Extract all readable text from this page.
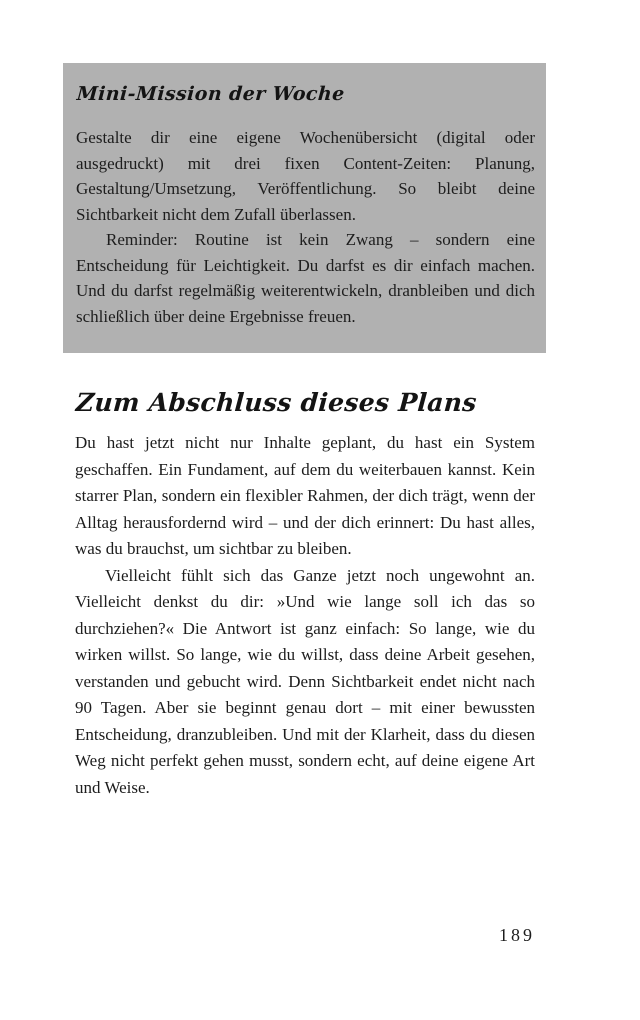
Mini-Mission der Woche

Gestalte dir eine eigene Wochenübersicht (digital oder ausgedruckt) mit drei fixen Content-Zeiten: Planung, Gestaltung/Umsetzung, Veröffentlichung. So bleibt deine Sichtbarkeit nicht dem Zufall überlassen.

Reminder: Routine ist kein Zwang – sondern eine Entscheidung für Leichtigkeit. Du darfst es dir einfach machen. Und du darfst regelmäßig weiterentwickeln, dranbleiben und dich schließlich über deine Ergebnisse freuen.

Zum Abschluss dieses Plans

Du hast jetzt nicht nur Inhalte geplant, du hast ein System geschaffen. Ein Fundament, auf dem du weiterbauen kannst. Kein starrer Plan, sondern ein flexibler Rahmen, der dich trägt, wenn der Alltag herausfordernd wird – und der dich erinnert: Du hast alles, was du brauchst, um sichtbar zu bleiben.

Vielleicht fühlt sich das Ganze jetzt noch ungewohnt an. Vielleicht denkst du dir: »Und wie lange soll ich das so durchziehen?« Die Antwort ist ganz einfach: So lange, wie du wirken willst. So lange, wie du willst, dass deine Arbeit gesehen, verstanden und gebucht wird. Denn Sichtbarkeit endet nicht nach 90 Tagen. Aber sie beginnt genau dort – mit einer bewussten Entscheidung, dranzubleiben. Und mit der Klarheit, dass du diesen Weg nicht perfekt gehen musst, sondern echt, auf deine eigene Art und Weise.

189
